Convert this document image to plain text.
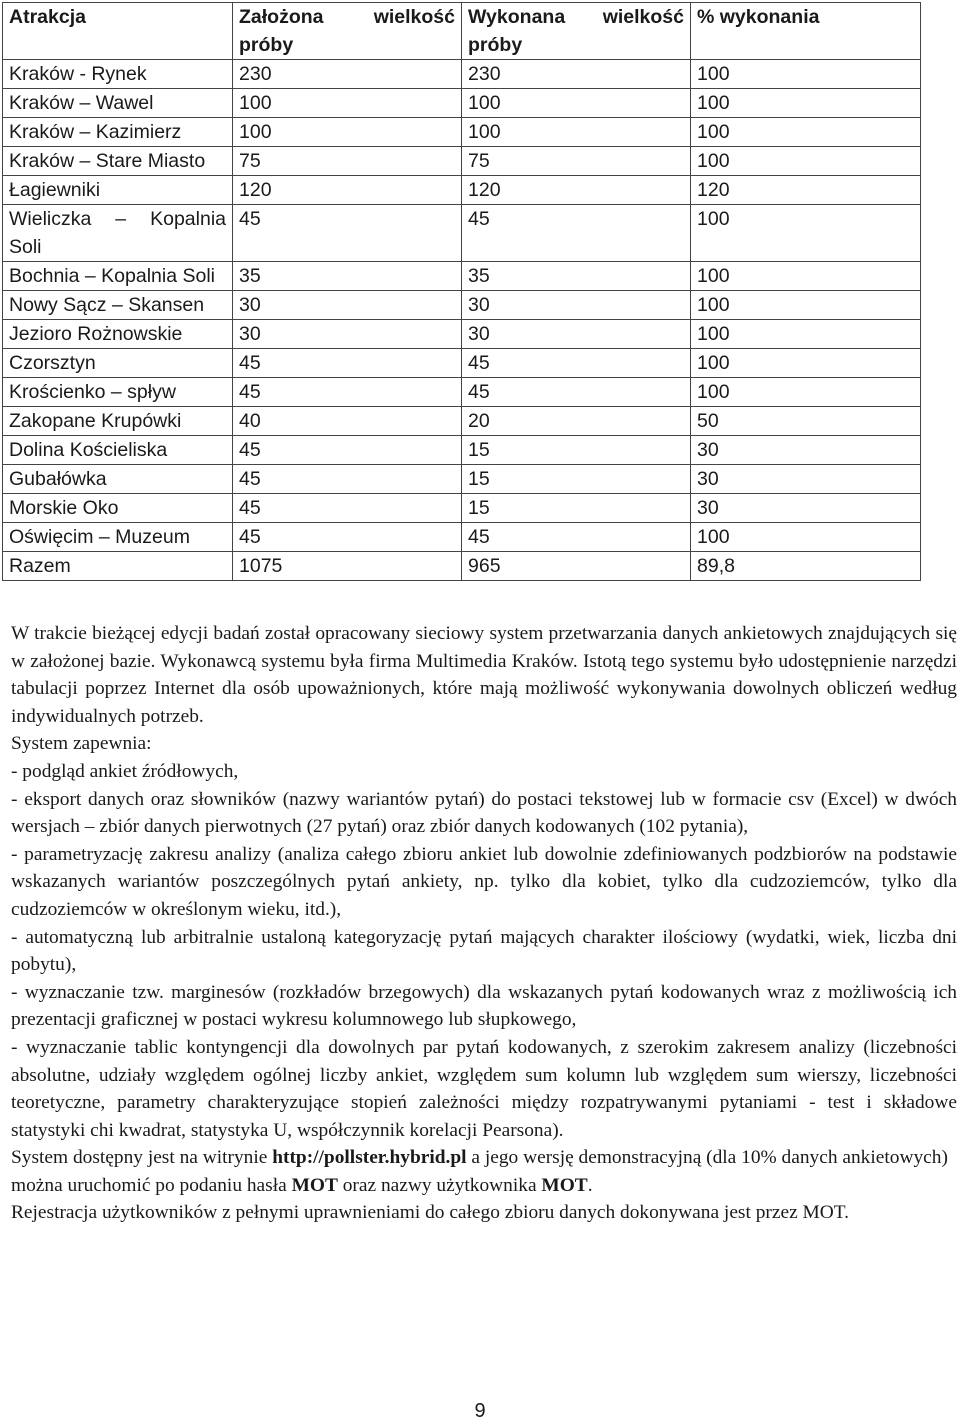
Atrakcja	Założona wielkość próby	Wykonana wielkość próby	% wykonania
Kraków - Rynek	230	230	100
Kraków – Wawel	100	100	100
Kraków – Kazimierz	100	100	100
Kraków – Stare Miasto	75	75	100
Łagiewniki	120	120	120
Wieliczka – Kopalnia Soli	45	45	100
Bochnia – Kopalnia Soli	35	35	100
Nowy Sącz – Skansen	30	30	100
Jezioro Rożnowskie	30	30	100
Czorsztyn	45	45	100
Krościenko – spływ	45	45	100
Zakopane Krupówki	40	20	50
Dolina Kościeliska	45	15	30
Gubałówka	45	15	30
Morskie Oko	45	15	30
Oświęcim – Muzeum	45	45	100
Razem	1075	965	89,8

W trakcie bieżącej edycji badań został opracowany sieciowy system przetwarzania danych ankietowych znajdujących się w założonej bazie. Wykonawcą systemu była firma Multimedia Kraków. Istotą tego systemu było udostępnienie narzędzi tabulacji poprzez Internet dla osób upoważnionych, które mają możliwość wykonywania dowolnych obliczeń według indywidualnych potrzeb.

System zapewnia:

- podgląd ankiet źródłowych,

- eksport danych oraz słowników (nazwy wariantów pytań) do postaci tekstowej lub w formacie csv (Excel) w dwóch wersjach – zbiór danych pierwotnych (27 pytań) oraz zbiór danych kodowanych (102 pytania),

- parametryzację zakresu analizy (analiza całego zbioru ankiet lub dowolnie zdefiniowanych podzbiorów na podstawie wskazanych wariantów poszczególnych pytań ankiety, np. tylko dla kobiet, tylko dla cudzoziemców, tylko dla cudzoziemców w określonym wieku, itd.),

- automatyczną lub arbitralnie ustaloną kategoryzację pytań mających charakter ilościowy (wydatki, wiek, liczba dni pobytu),

- wyznaczanie tzw. marginesów (rozkładów brzegowych) dla wskazanych pytań kodowanych wraz z możliwością ich prezentacji graficznej w postaci wykresu kolumnowego lub słupkowego,

- wyznaczanie tablic kontyngencji dla dowolnych par pytań kodowanych, z szerokim zakresem analizy (liczebności absolutne, udziały względem ogólnej liczby ankiet, względem sum kolumn lub względem sum wierszy, liczebności teoretyczne, parametry charakteryzujące stopień zależności między rozpatrywanymi pytaniami - test i składowe statystyki chi kwadrat, statystyka U, współczynnik korelacji Pearsona).

System dostępny jest na witrynie http://pollster.hybrid.pl a jego wersję demonstracyjną (dla 10% danych ankietowych) można uruchomić po podaniu hasła MOT oraz nazwy użytkownika MOT.

Rejestracja użytkowników z pełnymi uprawnieniami do całego zbioru danych dokonywana jest przez MOT.

9
